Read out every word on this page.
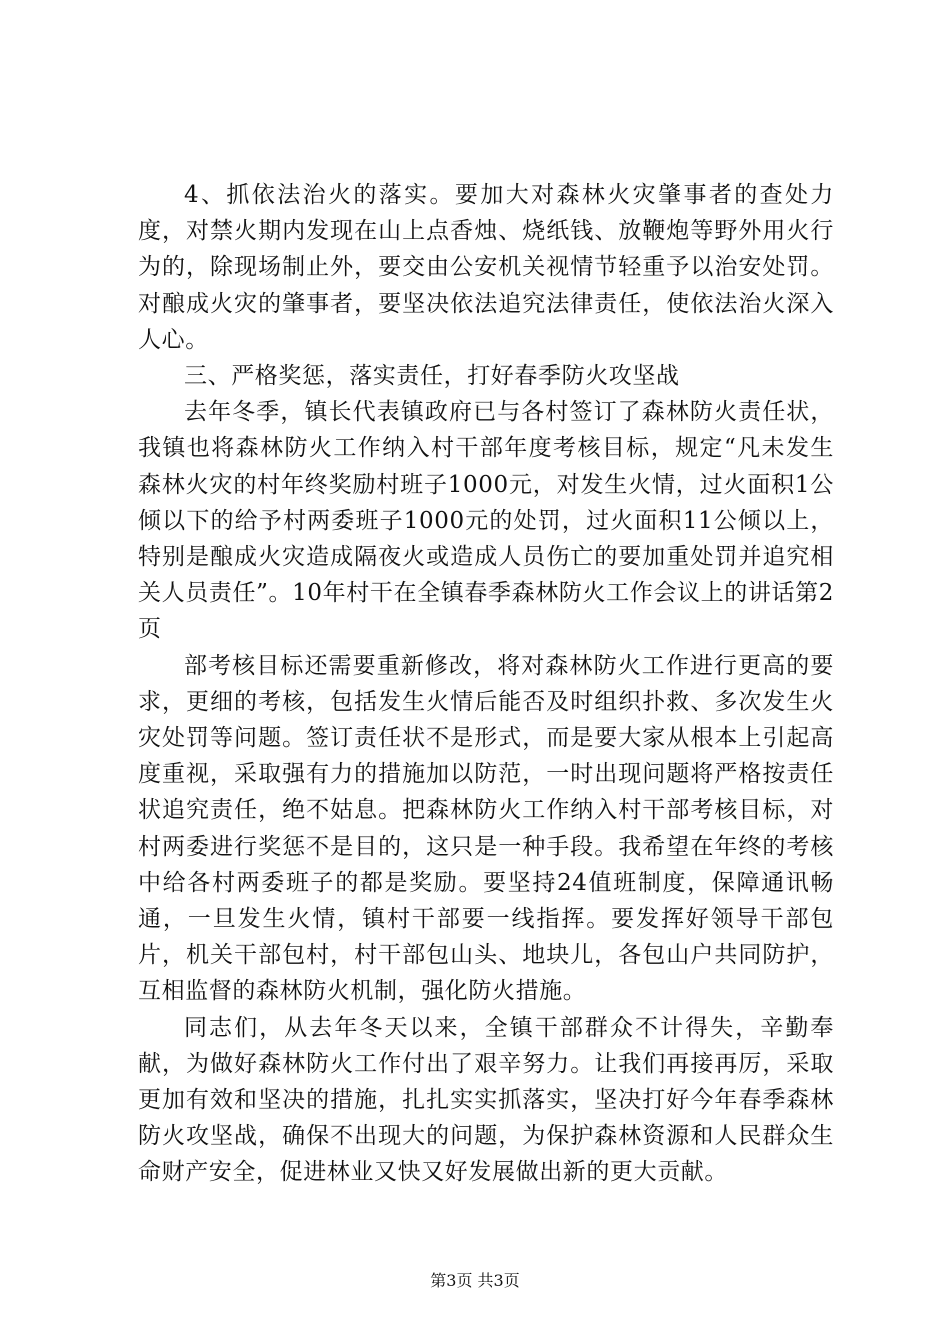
4、抓依法治火的落实。要加大对森林火灾肇事者的查处力度，对禁火期内发现在山上点香烛、烧纸钱、放鞭炮等野外用火行为的，除现场制止外，要交由公安机关视情节轻重予以治安处罚。对酿成火灾的肇事者，要坚决依法追究法律责任，使依法治火深入人心。

三、严格奖惩，落实责任，打好春季防火攻坚战

去年冬季，镇长代表镇政府已与各村签订了森林防火责任状，我镇也将森林防火工作纳入村干部年度考核目标，规定“凡未发生森林火灾的村年终奖励村班子1000元，对发生火情，过火面积1公倾以下的给予村两委班子1000元的处罚，过火面积11公倾以上，特别是酿成火灾造成隔夜火或造成人员伤亡的要加重处罚并追究相关人员责任”。10年村干在全镇春季森林防火工作会议上的讲话第2页

部考核目标还需要重新修改，将对森林防火工作进行更高的要求，更细的考核，包括发生火情后能否及时组织扑救、多次发生火灾处罚等问题。签订责任状不是形式，而是要大家从根本上引起高度重视，采取强有力的措施加以防范，一时出现问题将严格按责任状追究责任，绝不姑息。把森林防火工作纳入村干部考核目标，对村两委进行奖惩不是目的，这只是一种手段。我希望在年终的考核中给各村两委班子的都是奖励。要坚持24值班制度，保障通讯畅通，一旦发生火情，镇村干部要一线指挥。要发挥好领导干部包片，机关干部包村，村干部包山头、地块儿，各包山户共同防护，互相监督的森林防火机制，强化防火措施。

同志们，从去年冬天以来，全镇干部群众不计得失，辛勤奉献，为做好森林防火工作付出了艰辛努力。让我们再接再厉，采取更加有效和坚决的措施，扎扎实实抓落实，坚决打好今年春季森林防火攻坚战，确保不出现大的问题，为保护森林资源和人民群众生命财产安全，促进林业又快又好发展做出新的更大贡献。

第3页 共3页
